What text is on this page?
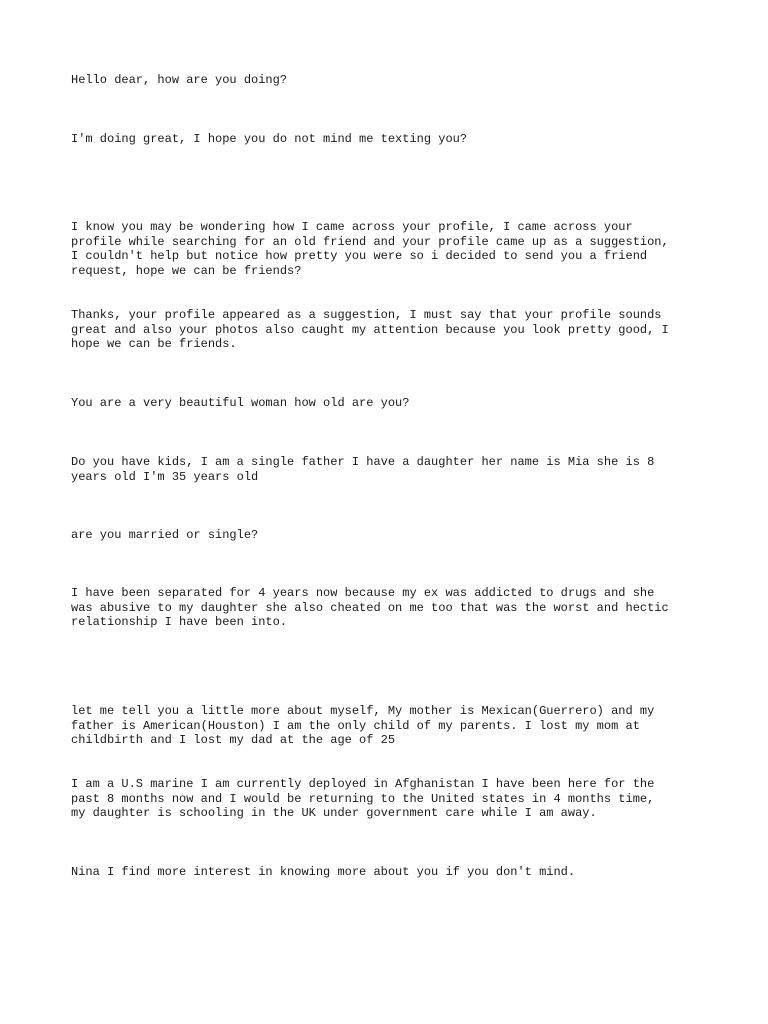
Hello dear, how are you doing?

I'm doing great, I hope you do not mind me texting you?

I know you may be wondering how I came across your profile, I came across your
profile while searching for an old friend and your profile came up as a suggestion,
I couldn't help but notice how pretty you were so i decided to send you a friend
request, hope we can be friends?

Thanks, your profile appeared as a suggestion, I must say that your profile sounds
great and also your photos also caught my attention because you look pretty good, I
hope we can be friends.

You are a very beautiful woman how old are you?

Do you have kids, I am a single father I have a daughter her name is Mia she is 8
years old I'm 35 years old

are you married or single?

I have been separated for 4 years now because my ex was addicted to drugs and she
was abusive to my daughter she also cheated on me too that was the worst and hectic
relationship I have been into.

let me tell you a little more about myself, My mother is Mexican(Guerrero) and my
father is American(Houston) I am the only child of my parents. I lost my mom at
childbirth and I lost my dad at the age of 25

I am a U.S marine I am currently deployed in Afghanistan I have been here for the
past 8 months now and I would be returning to the United states in 4 months time,
my daughter is schooling in the UK under government care while I am away.

Nina I find more interest in knowing more about you if you don't mind.
